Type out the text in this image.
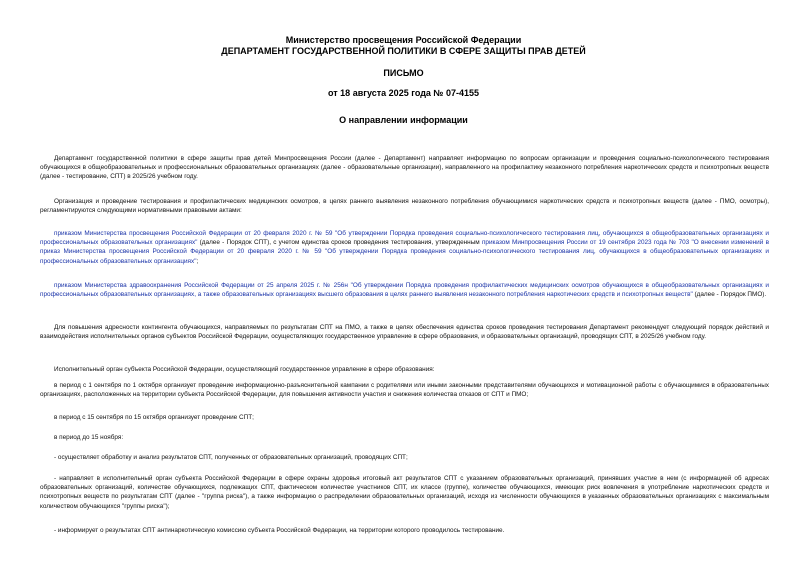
Министерство просвещения Российской Федерации
ДЕПАРТАМЕНТ ГОСУДАРСТВЕННОЙ ПОЛИТИКИ В СФЕРЕ ЗАЩИТЫ ПРАВ ДЕТЕЙ
ПИСЬМО
от 18 августа 2025 года № 07-4155
О направлении информации
Департамент государственной политики в сфере защиты прав детей Минпросвещения России (далее - Департамент) направляет информацию по вопросам организации и проведения социально-психологического тестирования обучающихся в общеобразовательных и профессиональных образовательных организациях (далее - образовательные организации), направленного на профилактику незаконного потребления наркотических средств и психотропных веществ (далее - тестирование, СПТ) в 2025/26 учебном году.
Организация и проведение тестирования и профилактических медицинских осмотров, в целях раннего выявления незаконного потребления обучающимися наркотических средств и психотропных веществ (далее - ПМО, осмотры), регламентируются следующими нормативными правовыми актами:
приказом Министерства просвещения Российской Федерации от 20 февраля 2020 г. № 59 "Об утверждении Порядка проведения социально-психологического тестирования лиц, обучающихся в общеобразовательных организациях и профессиональных образовательных организациях" (далее - Порядок СПТ), с учетом единства сроков проведения тестирования, утвержденным приказом Минпросвещения России от 19 сентября 2023 года № 703 "О внесении изменений в приказ Министерства просвещения Российской Федерации от 20 февраля 2020 г. № 59 "Об утверждении Порядка проведения социально-психологического тестирования лиц, обучающихся в общеобразовательных организациях и профессиональных образовательных организациях";
приказом Министерства здравоохранения Российской Федерации от 25 апреля 2025 г. № 256н "Об утверждении Порядка проведения профилактических медицинских осмотров обучающихся в общеобразовательных организациях и профессиональных образовательных организациях, а также образовательных организациях высшего образования в целях раннего выявления незаконного потребления наркотических средств и психотропных веществ" (далее - Порядок ПМО).
Для повышения адресности контингента обучающихся, направляемых по результатам СПТ на ПМО, а также в целях обеспечения единства сроков проведения тестирования Департамент рекомендует следующий порядок действий и взаимодействия исполнительных органов субъектов Российской Федерации, осуществляющих государственное управление в сфере образования, и образовательных организаций, проводящих СПТ, в 2025/26 учебном году.
Исполнительный орган субъекта Российской Федерации, осуществляющий государственное управление в сфере образования:
в период с 1 сентября по 1 октября организует проведение информационно-разъяснительной кампании с родителями или иными законными представителями обучающихся и мотивационной работы с обучающимися в образовательных организациях, расположенных на территории субъекта Российской Федерации, для повышения активности участия и снижения количества отказов от СПТ и ПМО;
в период с 15 сентября по 15 октября организует проведение СПТ;
в период до 15 ноября:
- осуществляет обработку и анализ результатов СПТ, полученных от образовательных организаций, проводящих СПТ;
- направляет в исполнительный орган субъекта Российской Федерации в сфере охраны здоровья итоговый акт результатов СПТ с указанием образовательных организаций, принявших участие в нем (с информацией об адресах образовательных организаций, количестве обучающихся, подлежащих СПТ, фактическом количестве участников СПТ, их классе (группе), количестве обучающихся, имеющих риск вовлечения в употребление наркотических средств и психотропных веществ по результатам СПТ (далее - "группа риска"), а также информацию о распределении образовательных организаций, исходя из численности обучающихся в указанных образовательных организациях с максимальным количеством обучающихся "группы риска");
- информирует о результатах СПТ антинаркотическую комиссию субъекта Российской Федерации, на территории которого проводилось тестирование.
